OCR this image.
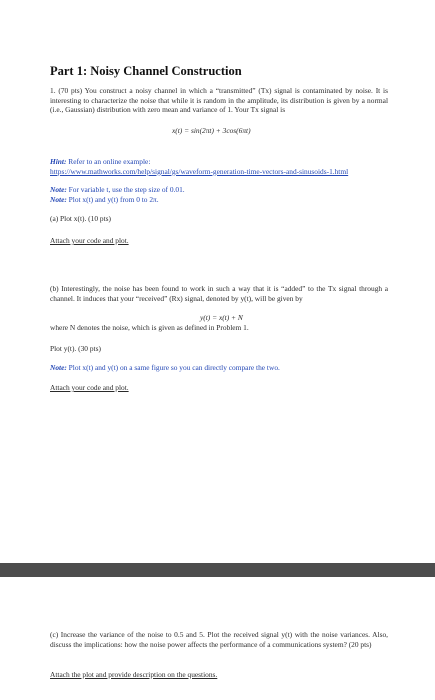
Part 1: Noisy Channel Construction
1. (70 pts) You construct a noisy channel in which a “transmitted” (Tx) signal is contaminated by noise. It is interesting to characterize the noise that while it is random in the amplitude, its distribution is given by a normal (i.e., Gaussian) distribution with zero mean and variance of 1. Your Tx signal is
x(t) = sin(2πt) + 3cos(6πt)
Hint: Refer to an online example:
https://www.mathworks.com/help/signal/gs/waveform-generation-time-vectors-and-sinusoids-1.html
Note: For variable t, use the step size of 0.01.
Note: Plot x(t) and y(t) from 0 to 2π.
(a) Plot x(t). (10 pts)
Attach your code and plot.
(b) Interestingly, the noise has been found to work in such a way that it is “added” to the Tx signal through a channel. It induces that your “received” (Rx) signal, denoted by y(t), will be given by
y(t) = x(t) + N
where N denotes the noise, which is given as defined in Problem 1.
Plot y(t). (30 pts)
Note: Plot x(t) and y(t) on a same figure so you can directly compare the two.
Attach your code and plot.
(c) Increase the variance of the noise to 0.5 and 5. Plot the received signal y(t) with the noise variances. Also, discuss the implications: how the noise power affects the performance of a communications system? (20 pts)
Attach the plot and provide description on the questions.
